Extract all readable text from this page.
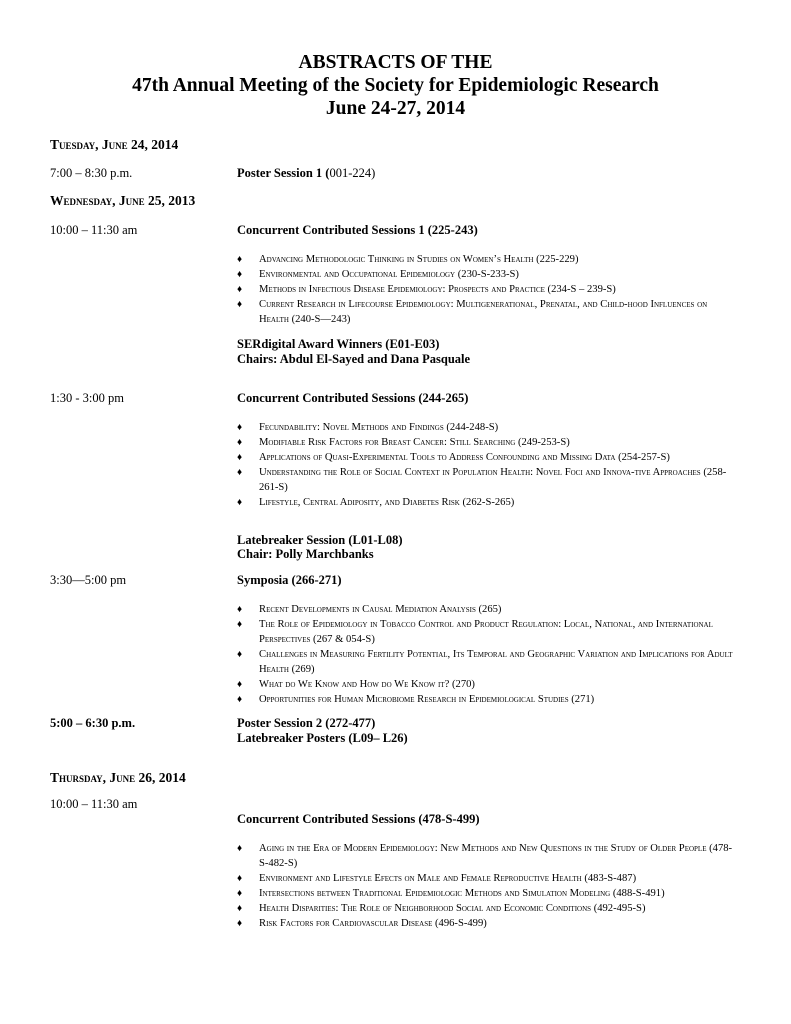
ABSTRACTS OF THE
47th Annual Meeting of the Society for Epidemiologic Research
June 24-27, 2014
Tuesday, June 24, 2014
7:00 – 8:30 p.m.	Poster Session 1 (001-224)
Wednesday, June 25, 2013
10:00 – 11:30 am	Concurrent Contributed Sessions 1 (225-243)
♦ Advancing Methodologic Thinking in Studies on Women’s Health (225-229)
♦ Environmental and Occupational Epidemiology (230-S-233-S)
♦ Methods in Infectious Disease Epidemiology: Prospects and Practice (234-S – 239-S)
♦ Current Research in Lifecourse Epidemiology: Multigenerational, Prenatal, and Child-hood Influences on Health (240-S—243)
SERdigital Award Winners (E01-E03)
Chairs: Abdul El-Sayed and Dana Pasquale
1:30 - 3:00 pm	Concurrent Contributed Sessions (244-265)
♦ Fecundability: Novel Methods and Findings (244-248-S)
♦ Modifiable Risk Factors for Breast Cancer: Still Searching (249-253-S)
♦ Applications of Quasi-Experimental Tools to Address Confounding and Missing Data (254-257-S)
♦ Understanding the Role of Social Context in Population Health: Novel Foci and Innova-tive Approaches (258-261-S)
♦ Lifestyle, Central Adiposity, and Diabetes Risk (262-S-265)
Latebreaker Session (L01-L08)
Chair: Polly Marchbanks
3:30—5:00 pm	Symposia (266-271)
♦ Recent Developments in Causal Mediation Analysis (265)
♦ The Role of Epidemiology in Tobacco Control and Product Regulation: Local, National, and International Perspectives (267 & 054-S)
♦ Challenges in Measuring Fertility Potential, Its Temporal and Geographic Variation and Implications for Adult Health (269)
♦ What do We Know and How do We Know it? (270)
♦ Opportunities for Human Microbiome Research in Epidemiological Studies (271)
5:00 – 6:30 p.m.	Poster Session 2 (272-477)
Latebreaker Posters (L09– L26)
Thursday, June 26, 2014
10:00 – 11:30 am
Concurrent Contributed Sessions (478-S-499)
♦ Aging in the Era of Modern Epidemiology: New Methods and New Questions in the Study of Older People (478-S-482-S)
♦ Environment and Lifestyle Efects on Male and Female Reproductive Health (483-S-487)
♦ Intersections between Traditional Epidemiologic Methods and Simulation Modeling (488-S-491)
♦ Health Disparities: The Role of Neighborhood Social and Economic Conditions (492-495-S)
♦ Risk Factors for Cardiovascular Disease (496-S-499)
